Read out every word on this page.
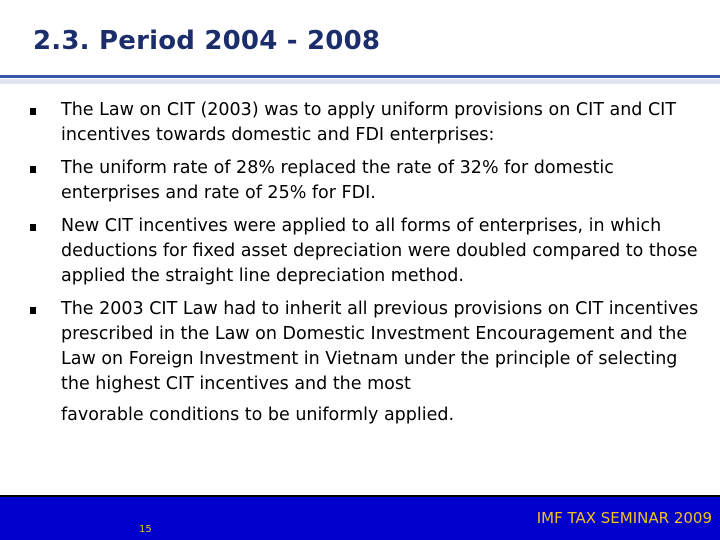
2.3. Period 2004 - 2008
The Law on CIT (2003) was to apply uniform provisions on CIT and CIT incentives towards domestic and FDI enterprises:
The uniform rate of 28% replaced the rate of 32% for domestic enterprises and rate of 25% for FDI.
New CIT incentives were applied to all forms of enterprises, in which deductions for fixed asset depreciation were doubled compared to those applied the straight line depreciation method.
The 2003 CIT Law had to inherit all previous provisions on CIT incentives prescribed in the Law on Domestic Investment Encouragement and the Law on Foreign Investment in Vietnam under the principle of selecting the highest CIT incentives and the most
favorable conditions to be uniformly applied.
15
IMF TAX SEMINAR 2009
